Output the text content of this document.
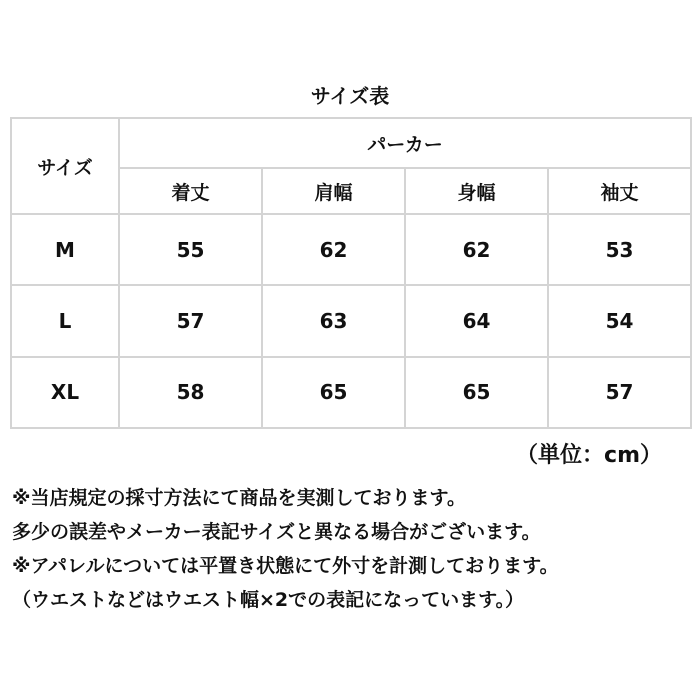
サイズ表
サイズ	パーカー			
	着丈	肩幅	身幅	袖丈
M	55	62	62	53
L	57	63	64	54
XL	58	65	65	57
（単位：cm）
※当店規定の採寸方法にて商品を実測しております。
多少の誤差やメーカー表記サイズと異なる場合がございます。
※アパレルについては平置き状態にて外寸を計測しております。
（ウエストなどはウエスト幅×2での表記になっています。）
